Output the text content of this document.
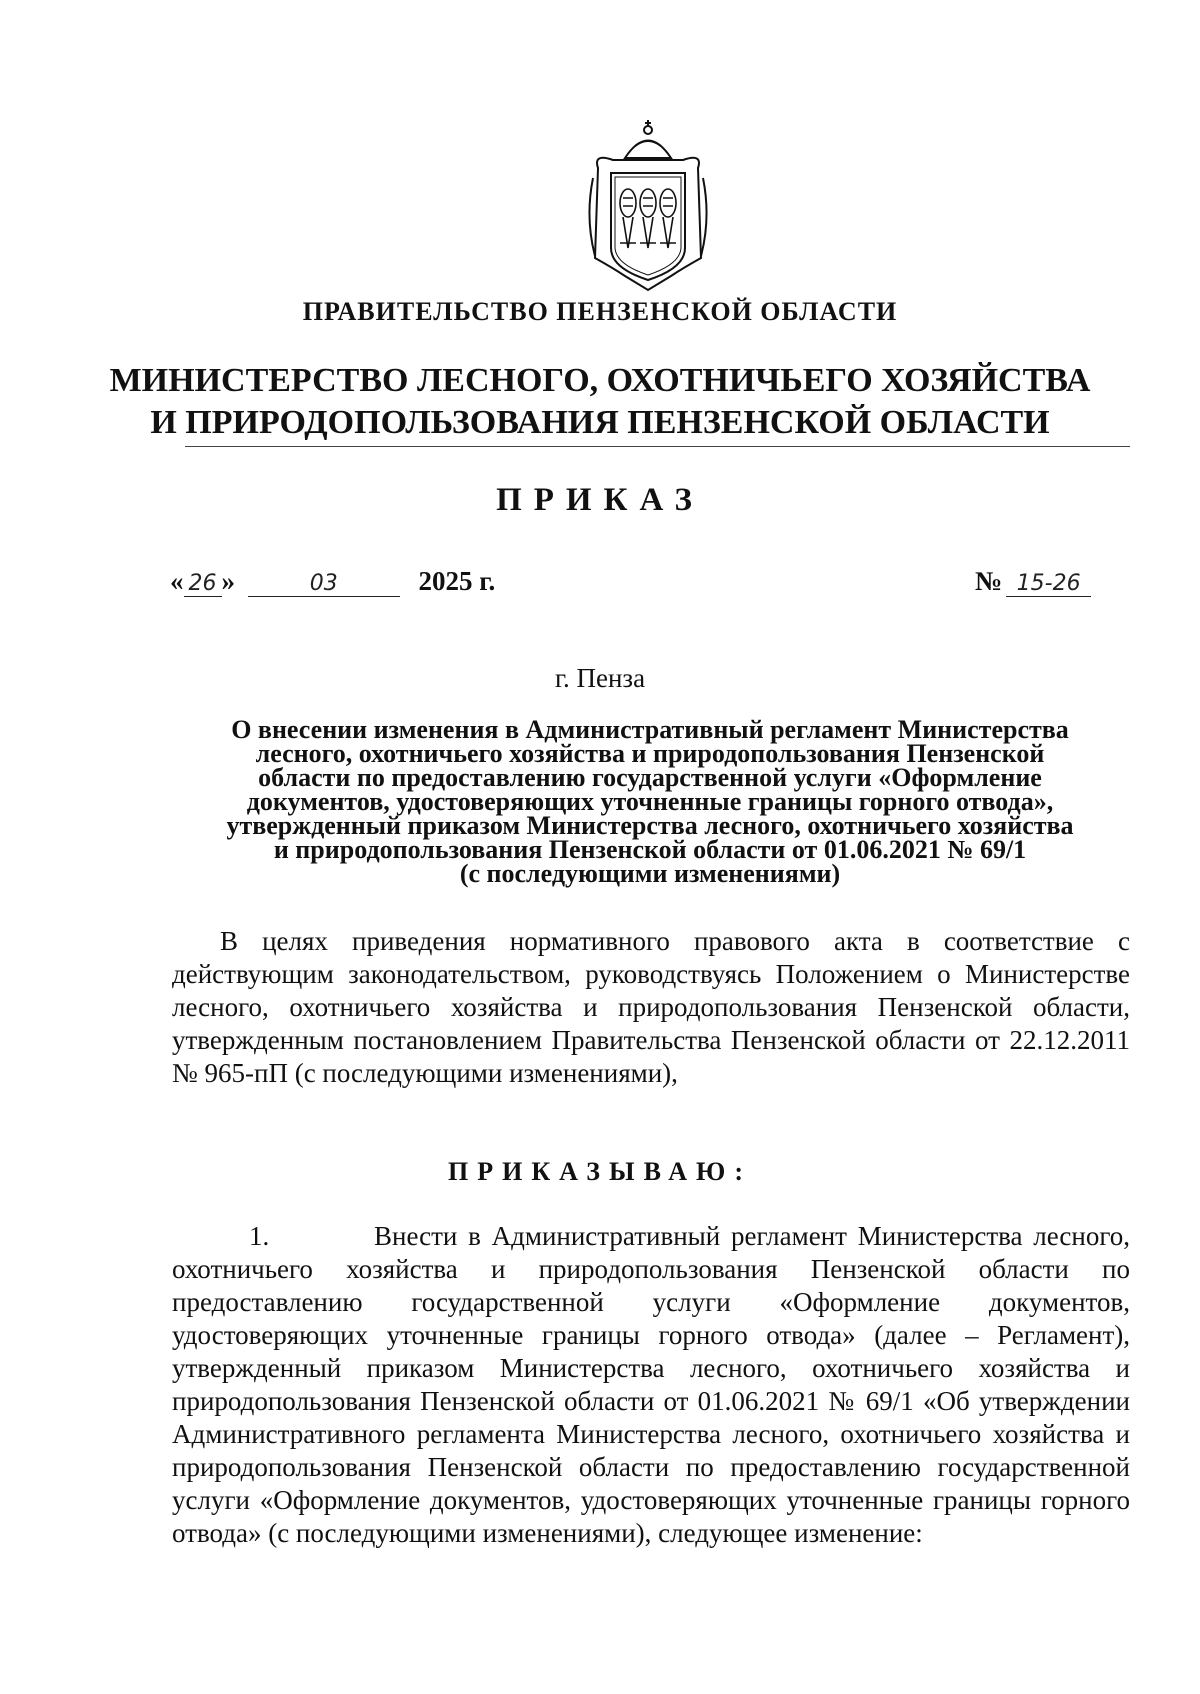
ПРАВИТЕЛЬСТВО ПЕНЗЕНСКОЙ ОБЛАСТИ
МИНИСТЕРСТВО ЛЕСНОГО, ОХОТНИЧЬЕГО ХОЗЯЙСТВА
И ПРИРОДОПОЛЬЗОВАНИЯ ПЕНЗЕНСКОЙ ОБЛАСТИ
ПРИКАЗ
« 26 »	03	2025 г.	№ 15-26
г. Пенза
О внесении изменения в Административный регламент Министерства
лесного, охотничьего хозяйства и природопользования Пензенской
области по предоставлению государственной услуги «Оформление
документов, удостоверяющих уточненные границы горного отвода»,
утвержденный приказом Министерства лесного, охотничьего хозяйства
и природопользования Пензенской области от 01.06.2021 № 69/1
(с последующими изменениями)
В целях приведения нормативного правового акта в соответствие с действующим законодательством, руководствуясь Положением о Министерстве лесного, охотничьего хозяйства и природопользования Пензенской области, утвержденным постановлением Правительства Пензенской области от 22.12.2011 № 965-пП (с последующими изменениями),
ПРИКАЗЫВАЮ:
1.	Внести в Административный регламент Министерства лесного, охотничьего хозяйства и природопользования Пензенской области по предоставлению государственной услуги «Оформление документов, удостоверяющих уточненные границы горного отвода» (далее – Регламент), утвержденный приказом Министерства лесного, охотничьего хозяйства и природопользования Пензенской области от 01.06.2021 № 69/1 «Об утверждении Административного регламента Министерства лесного, охотничьего хозяйства и природопользования Пензенской области по предоставлению государственной услуги «Оформление документов, удостоверяющих уточненные границы горного отвода» (с последующими изменениями), следующее изменение:
